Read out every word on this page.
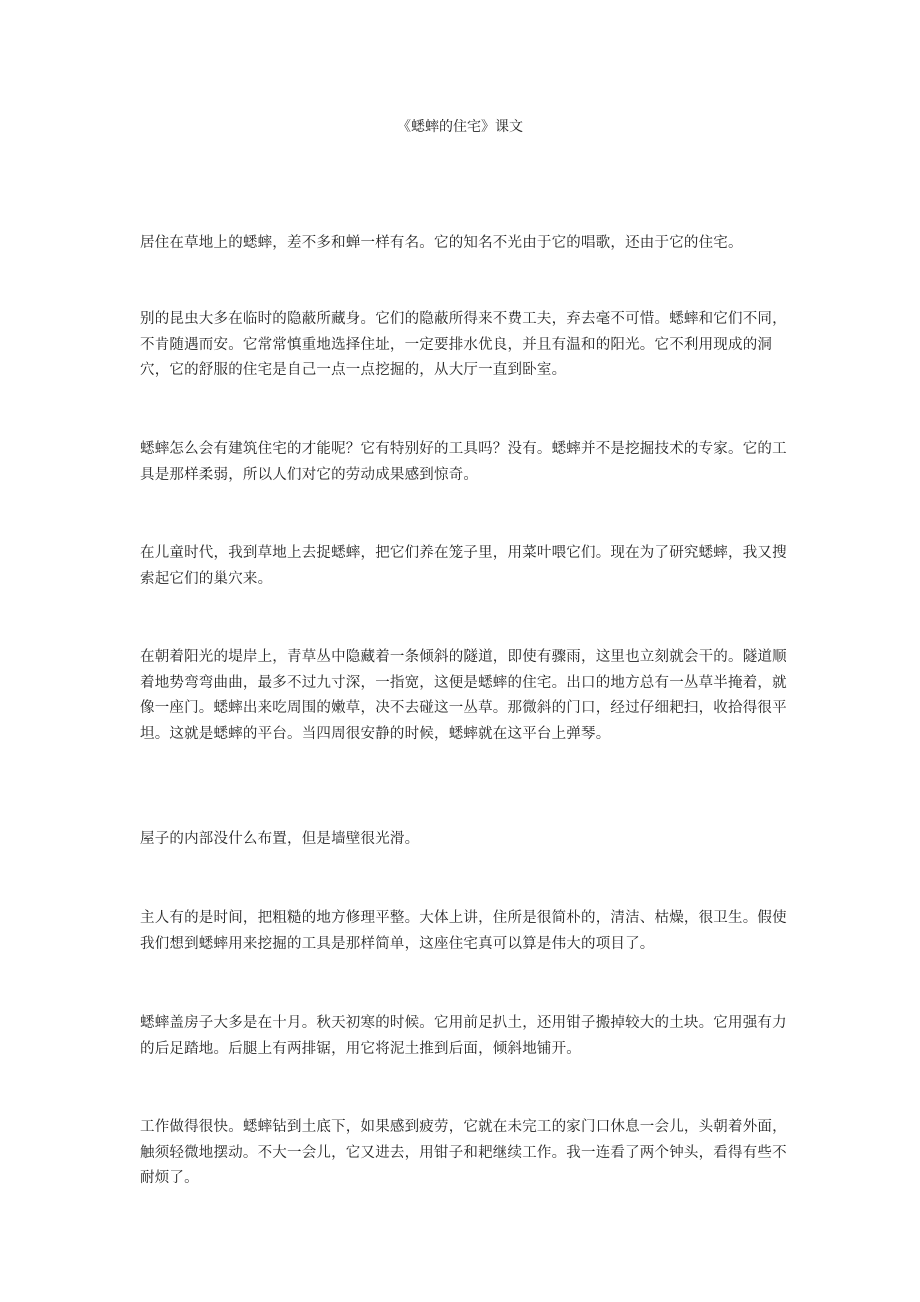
《蟋蟀的住宅》课文

居住在草地上的蟋蟀，差不多和蝉一样有名。它的知名不光由于它的唱歌，还由于它的住宅。

别的昆虫大多在临时的隐蔽所藏身。它们的隐蔽所得来不费工夫，弃去毫不可惜。蟋蟀和它们不同，不肯随遇而安。它常常慎重地选择住址，一定要排水优良，并且有温和的阳光。它不利用现成的洞穴，它的舒服的住宅是自己一点一点挖掘的，从大厅一直到卧室。

蟋蟀怎么会有建筑住宅的才能呢？它有特别好的工具吗？没有。蟋蟀并不是挖掘技术的专家。它的工具是那样柔弱，所以人们对它的劳动成果感到惊奇。

在儿童时代，我到草地上去捉蟋蟀，把它们养在笼子里，用菜叶喂它们。现在为了研究蟋蟀，我又搜索起它们的巢穴来。

在朝着阳光的堤岸上，青草丛中隐藏着一条倾斜的隧道，即使有骤雨，这里也立刻就会干的。隧道顺着地势弯弯曲曲，最多不过九寸深，一指宽，这便是蟋蟀的住宅。出口的地方总有一丛草半掩着，就像一座门。蟋蟀出来吃周围的嫩草，决不去碰这一丛草。那微斜的门口，经过仔细耙扫，收拾得很平坦。这就是蟋蟀的平台。当四周很安静的时候，蟋蟀就在这平台上弹琴。

屋子的内部没什么布置，但是墙壁很光滑。

主人有的是时间，把粗糙的地方修理平整。大体上讲，住所是很简朴的，清洁、枯燥，很卫生。假使我们想到蟋蟀用来挖掘的工具是那样简单，这座住宅真可以算是伟大的项目了。

蟋蟀盖房子大多是在十月。秋天初寒的时候。它用前足扒土，还用钳子搬掉较大的土块。它用强有力的后足踏地。后腿上有两排锯，用它将泥土推到后面，倾斜地铺开。

工作做得很快。蟋蟀钻到土底下，如果感到疲劳，它就在未完工的家门口休息一会儿，头朝着外面，触须轻微地摆动。不大一会儿，它又进去，用钳子和耙继续工作。我一连看了两个钟头，看得有些不耐烦了。
